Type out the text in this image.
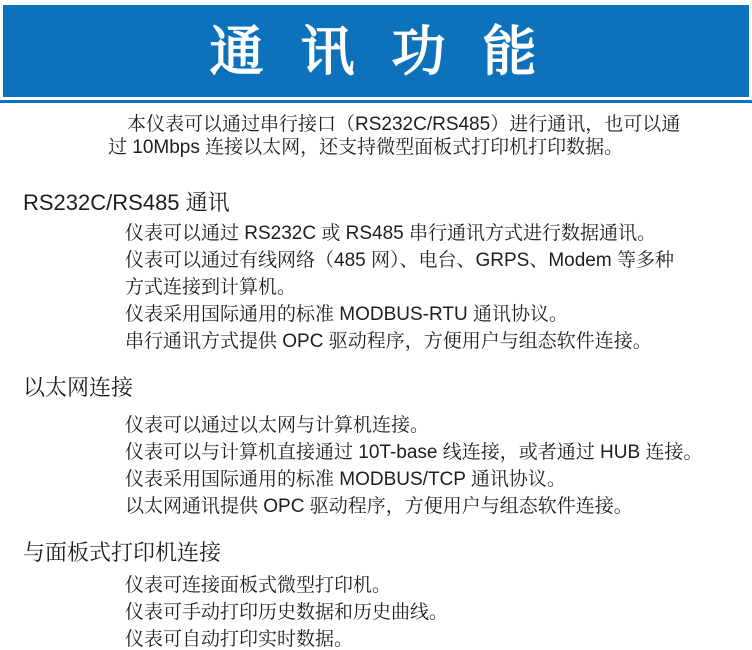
通 讯 功 能
本仪表可以通过串行接口（RS232C/RS485）进行通讯，也可以通
过 10Mbps 连接以太网，还支持微型面板式打印机打印数据。
RS232C/RS485 通讯
仪表可以通过 RS232C 或 RS485 串行通讯方式进行数据通讯。
仪表可以通过有线网络（485 网）、电台、GRPS、Modem 等多种
方式连接到计算机。
仪表采用国际通用的标准 MODBUS-RTU 通讯协议。
串行通讯方式提供 OPC 驱动程序，方便用户与组态软件连接。
以太网连接
仪表可以通过以太网与计算机连接。
仪表可以与计算机直接通过 10T-base 线连接，或者通过 HUB 连接。
仪表采用国际通用的标准 MODBUS/TCP 通讯协议。
以太网通讯提供 OPC 驱动程序，方便用户与组态软件连接。
与面板式打印机连接
仪表可连接面板式微型打印机。
仪表可手动打印历史数据和历史曲线。
仪表可自动打印实时数据。
